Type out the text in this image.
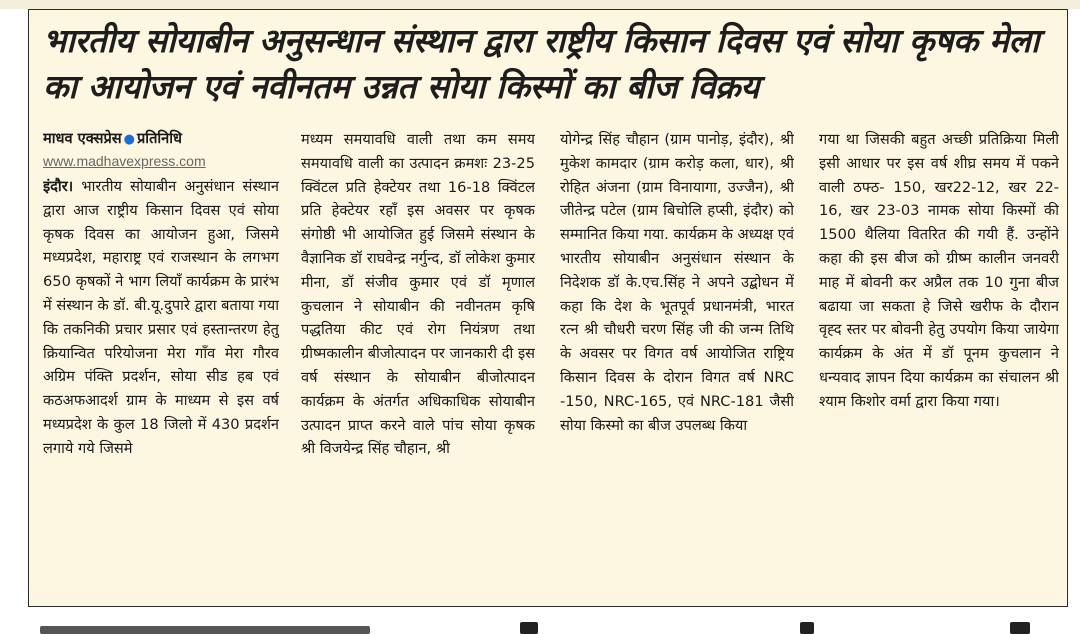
भारतीय सोयाबीन अनुसन्धान संस्थान द्वारा राष्ट्रीय किसान दिवस एवं सोया कृषक मेला का आयोजन एवं नवीनतम उन्नत सोया किस्मों का बीज विक्रय
माधव एक्सप्रेस ● प्रतिनिधि
www.madhavexpress.com

इंदौर। भारतीय सोयाबीन अनुसंधान संस्थान द्वारा आज राष्ट्रीय किसान दिवस एवं सोया कृषक दिवस का आयोजन हुआ, जिसमे मध्यप्रदेश, महाराष्ट्र एवं राजस्थान के लगभग 650 कृषकों ने भाग लियाँ कार्यक्रम के प्रारंभ में संस्थान के डॉ. बी.यू.दुपारे द्वारा बताया गया कि तकनिकी प्रचार प्रसार एवं हस्तान्तरण हेतु क्रियान्वित परियोजना मेरा गाँव मेरा गौरव अग्रिम पंक्ति प्रदर्शन, सोया सीड हब एवं कठअफआदर्श ग्राम के माध्यम से इस वर्ष मध्यप्रदेश के कुल 18 जिलो में 430 प्रदर्शन लगाये गये जिसमे

मध्यम समयावधि वाली तथा कम समय समयावधि वाली का उत्पादन क्रमशः 23-25 क्विंटल प्रति हेक्टेयर तथा 16-18 क्विंटल प्रति हेक्टेयर रहाँ इस अवसर पर कृषक संगोष्ठी भी आयोजित हुई जिसमे संस्थान के वैज्ञानिक डॉ राघवेन्द्र नर्गुन्द, डॉ लोकेश कुमार मीना, डॉ संजीव कुमार एवं डॉ मृणाल कुचलान ने सोयाबीन की नवीनतम कृषि पद्धतिया कीट एवं रोग नियंत्रण तथा ग्रीष्मकालीन बीजोत्पादन पर जानकारी दी इस वर्ष संस्थान के सोयाबीन बीजोत्पादन कार्यक्रम के अंतर्गत अधिकाधिक सोयाबीन उत्पादन प्राप्त करने वाले पांच सोया कृषक श्री विजयेन्द्र सिंह चौहान, श्री

योगेन्द्र सिंह चौहान (ग्राम पानोड़, इंदौर), श्री मुकेश कामदार (ग्राम करोड़ कला, धार), श्री रोहित अंजना (ग्राम विनायागा, उज्जैन), श्री जीतेन्द्र पटेल (ग्राम बिचोलि हप्सी, इंदौर) को सम्मानित किया गया. कार्यक्रम के अध्यक्ष एवं भारतीय सोयाबीन अनुसंधान संस्थान के निदेशक डॉ के.एच.सिंह ने अपने उद्बोधन में कहा कि देश के भूतपूर्व प्रधानमंत्री, भारत रत्न श्री चौधरी चरण सिंह जी की जन्म तिथि के अवसर पर विगत वर्ष आयोजित राष्ट्रिय किसान दिवस के दोरान विगत वर्ष NRC -150, NRC-165, एवं NRC-181 जैसी सोया किस्मो का बीज उपलब्ध किया

गया था जिसकी बहुत अच्छी प्रतिक्रिया मिली इसी आधार पर इस वर्ष शीघ्र समय में पकने वाली ठफ्ठ- 150, खर22-12, खर 22-16, खर 23-03 नामक सोया किस्मों की 1500 थैलिया वितरित की गयी हैं. उन्होंने कहा की इस बीज को ग्रीष्म कालीन जनवरी माह में बोवनी कर अप्रैल तक 10 गुना बीज बढाया जा सकता हे जिसे खरीफ के दौरान वृह्द स्तर पर बोवनी हेतु उपयोग किया जायेगा कार्यक्रम के अंत में डॉ पूनम कुचलान ने धन्यवाद ज्ञापन दिया कार्यक्रम का संचालन श्री श्याम किशोर वर्मा द्वारा किया गया।
